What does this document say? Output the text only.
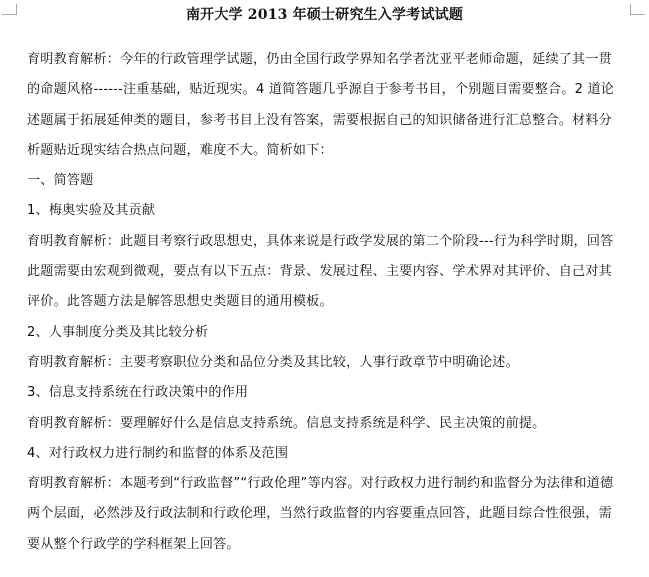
南开大学 2013 年硕士研究生入学考试试题

育明教育解析：今年的行政管理学试题，仍由全国行政学界知名学者沈亚平老师命题，延续了其一贯的命题风格------注重基础，贴近现实。4 道简答题几乎源自于参考书目，个别题目需要整合。2 道论述题属于拓展延伸类的题目，参考书目上没有答案，需要根据自己的知识储备进行汇总整合。材料分析题贴近现实结合热点问题，难度不大。简析如下：

一、简答题

1、梅奥实验及其贡献

育明教育解析：此题目考察行政思想史，具体来说是行政学发展的第二个阶段---行为科学时期，回答此题需要由宏观到微观，要点有以下五点：背景、发展过程、主要内容、学术界对其评价、自己对其评价。此答题方法是解答思想史类题目的通用模板。

2、人事制度分类及其比较分析

育明教育解析：主要考察职位分类和品位分类及其比较，人事行政章节中明确论述。

3、信息支持系统在行政决策中的作用

育明教育解析：要理解好什么是信息支持系统。信息支持系统是科学、民主决策的前提。

4、对行政权力进行制约和监督的体系及范围

育明教育解析：本题考到“行政监督”“行政伦理”等内容。对行政权力进行制约和监督分为法律和道德两个层面，必然涉及行政法制和行政伦理，当然行政监督的内容要重点回答，此题目综合性很强，需要从整个行政学的学科框架上回答。
